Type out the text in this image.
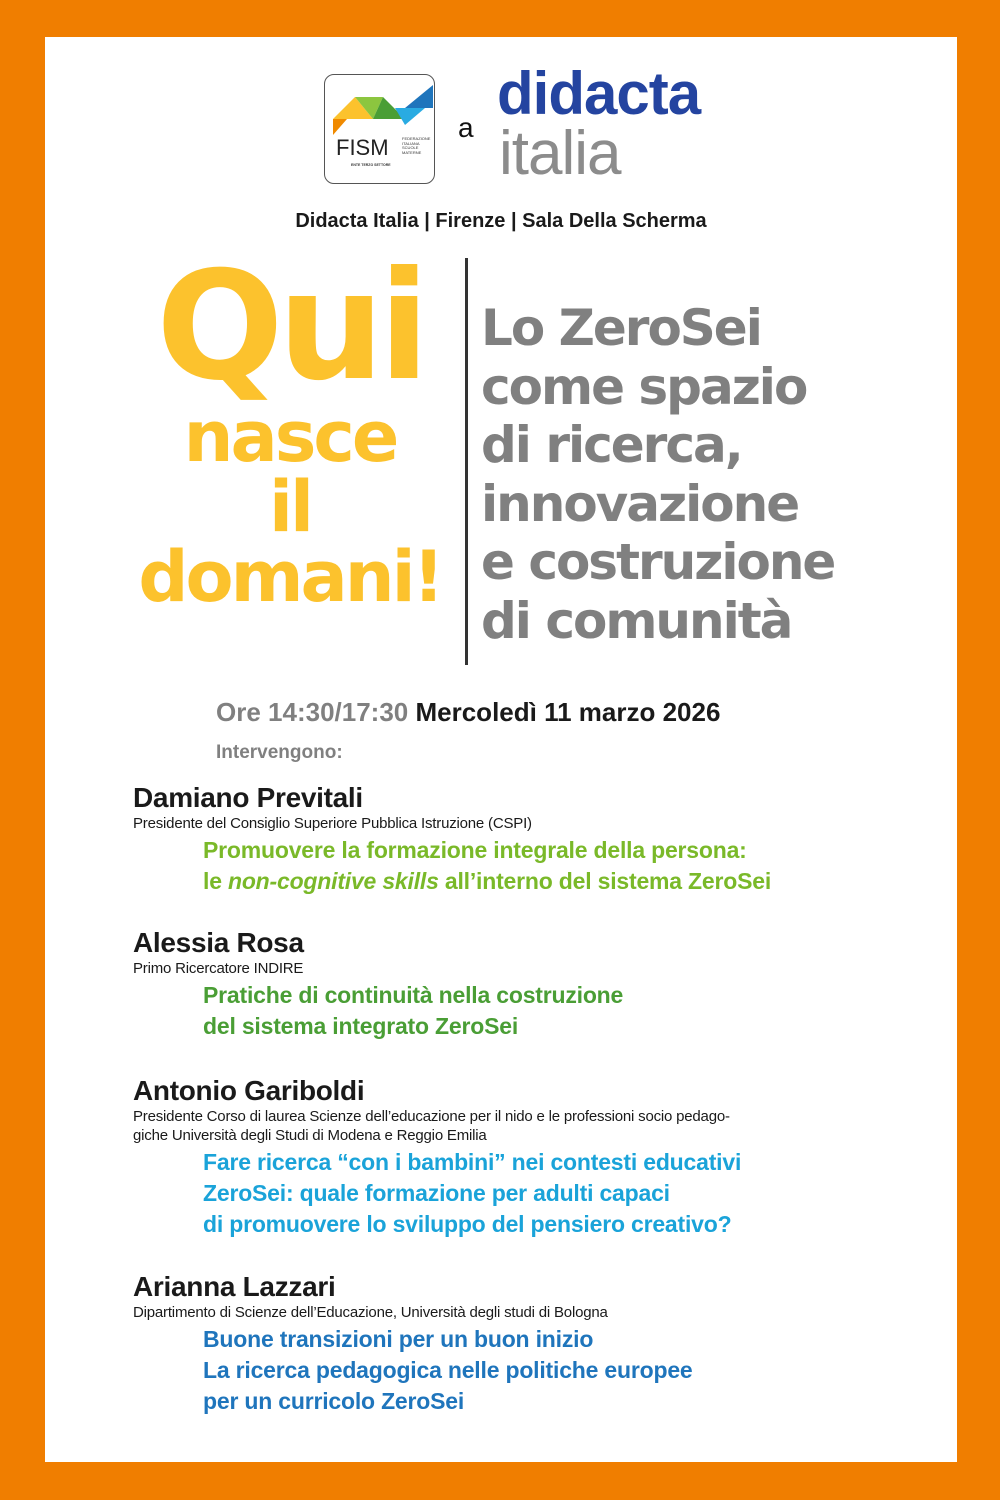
FISM	FEDERAZIONE
ITALIANA
SCUOLE
MATERNE
ENTE TERZO SETTORE
a
didacta
italia
Didacta Italia | Firenze | Sala Della Scherma
Qui
nasce
il
domani!
Lo ZeroSei
come spazio
di ricerca,
innovazione
e costruzione
di comunità
Ore 14:30/17:30 Mercoledì 11 marzo 2026
Intervengono:
Damiano Previtali
Presidente del Consiglio Superiore Pubblica Istruzione (CSPI)
Promuovere la formazione integrale della persona:
le non-cognitive skills all’interno del sistema ZeroSei
Alessia Rosa
Primo Ricercatore INDIRE
Pratiche di continuità nella costruzione
del sistema integrato ZeroSei
Antonio Gariboldi
Presidente Corso di laurea Scienze dell’educazione per il nido e le professioni socio pedago-
giche Università degli Studi di Modena e Reggio Emilia
Fare ricerca “con i bambini” nei contesti educativi
ZeroSei: quale formazione per adulti capaci
di promuovere lo sviluppo del pensiero creativo?
Arianna Lazzari
Dipartimento di Scienze dell’Educazione, Università degli studi di Bologna
Buone transizioni per un buon inizio
La ricerca pedagogica nelle politiche europee
per un curricolo ZeroSei
